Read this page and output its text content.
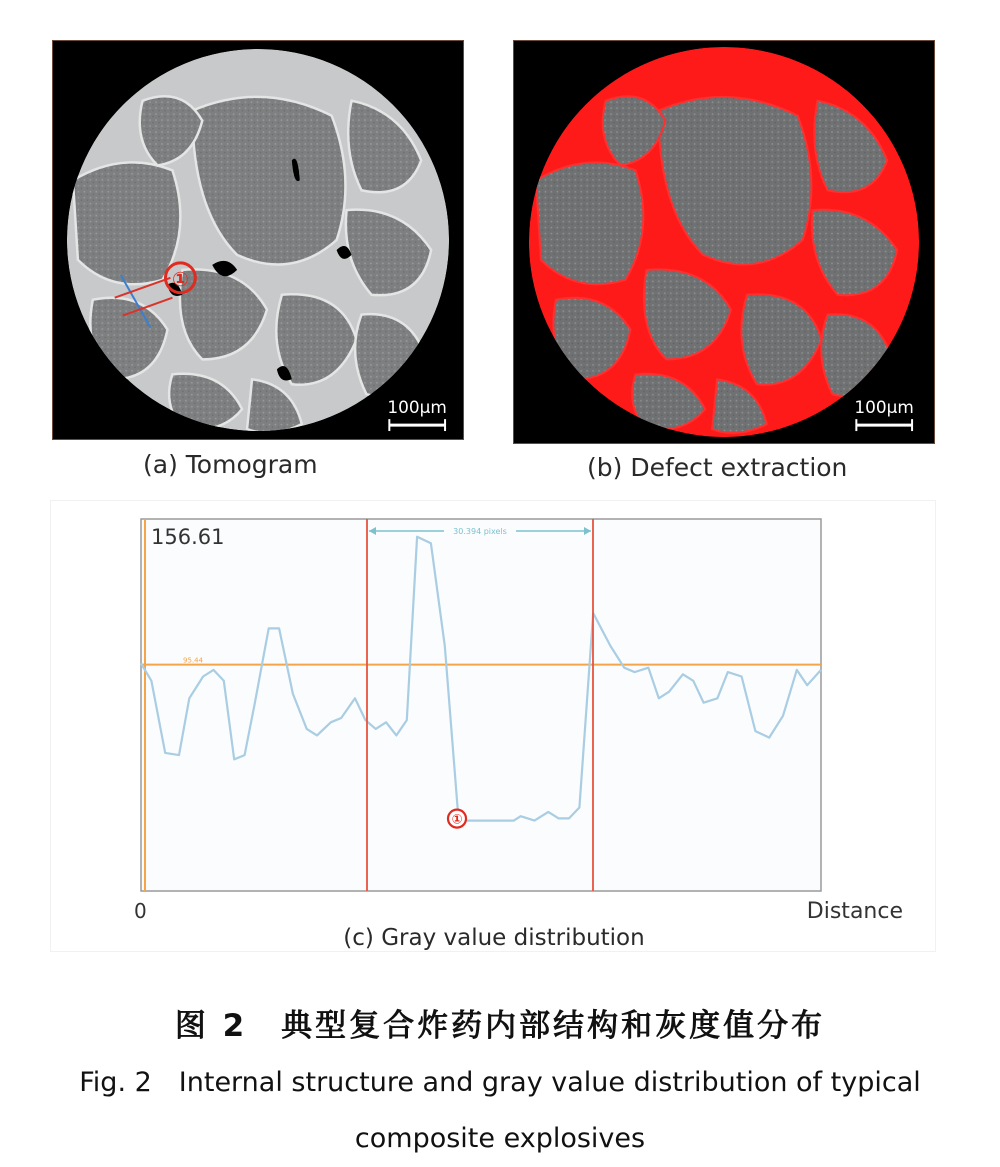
①
100μm
(a) Tomogram
100μm
(b) Defect extraction
95.44
30.394 pixels
①
156.61
0	Distance
(c) Gray value distribution
图 2　典型复合炸药内部结构和灰度值分布
Fig. 2　Internal structure and gray value distribution of typical
composite explosives
